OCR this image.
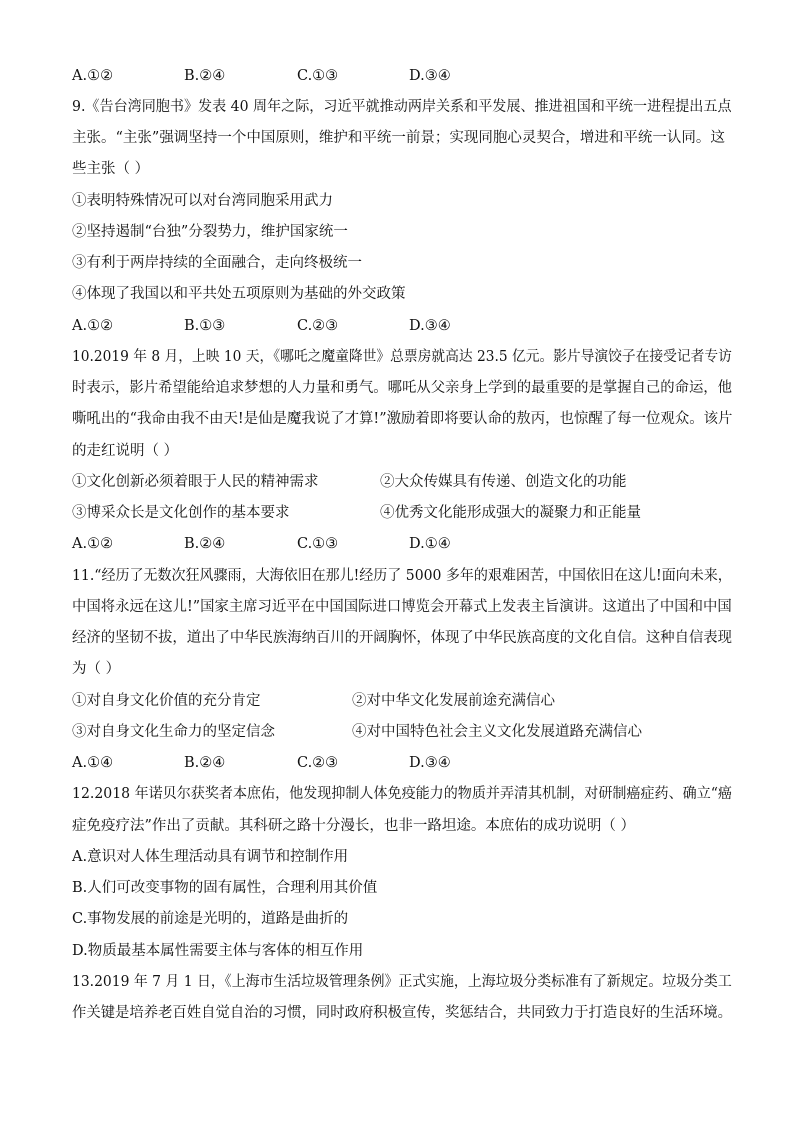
A.①②	B.②④	C.①③	D.③④
9.《告台湾同胞书》发表 40 周年之际，习近平就推动两岸关系和平发展、推进祖国和平统一进程提出五点
主张。“主张”强调坚持一个中国原则，维护和平统一前景；实现同胞心灵契合，增进和平统一认同。这
些主张（ ）
①表明特殊情况可以对台湾同胞采用武力
②坚持遏制“台独”分裂势力，维护国家统一
③有利于两岸持续的全面融合，走向终极统一
④体现了我国以和平共处五项原则为基础的外交政策
A.①②	B.①③	C.②③	D.③④
10.2019 年 8 月，上映 10 天，《哪吒之魔童降世》总票房就高达 23.5 亿元。影片导演饺子在接受记者专访
时表示，影片希望能给追求梦想的人力量和勇气。哪吒从父亲身上学到的最重要的是掌握自己的命运，他
嘶吼出的“我命由我不由天!是仙是魔我说了才算!”激励着即将要认命的敖丙，也惊醒了每一位观众。该片
的走红说明（ ）
①文化创新必须着眼于人民的精神需求	②大众传媒具有传递、创造文化的功能
③博采众长是文化创作的基本要求	④优秀文化能形成强大的凝聚力和正能量
A.①②	B.②④	C.①③	D.①④
11.“经历了无数次狂风骤雨，大海依旧在那儿!经历了 5000 多年的艰难困苦，中国依旧在这儿!面向未来，
中国将永远在这儿!”国家主席习近平在中国国际进口博览会开幕式上发表主旨演讲。这道出了中国和中国
经济的坚韧不拔，道出了中华民族海纳百川的开阔胸怀，体现了中华民族高度的文化自信。这种自信表现
为（ ）
①对自身文化价值的充分肯定	②对中华文化发展前途充满信心
③对自身文化生命力的坚定信念	④对中国特色社会主义文化发展道路充满信心
A.①④	B.②④	C.②③	D.③④
12.2018 年诺贝尔获奖者本庶佑，他发现抑制人体免疫能力的物质并弄清其机制，对研制癌症药、确立“癌
症免疫疗法”作出了贡献。其科研之路十分漫长，也非一路坦途。本庶佑的成功说明（ ）
A.意识对人体生理活动具有调节和控制作用
B.人们可改变事物的固有属性，合理利用其价值
C.事物发展的前途是光明的，道路是曲折的
D.物质最基本属性需要主体与客体的相互作用
13.2019 年 7 月 1 日，《上海市生活垃圾管理条例》正式实施，上海垃圾分类标准有了新规定。垃圾分类工
作关键是培养老百姓自觉自治的习惯，同时政府积极宣传，奖惩结合，共同致力于打造良好的生活环境。
